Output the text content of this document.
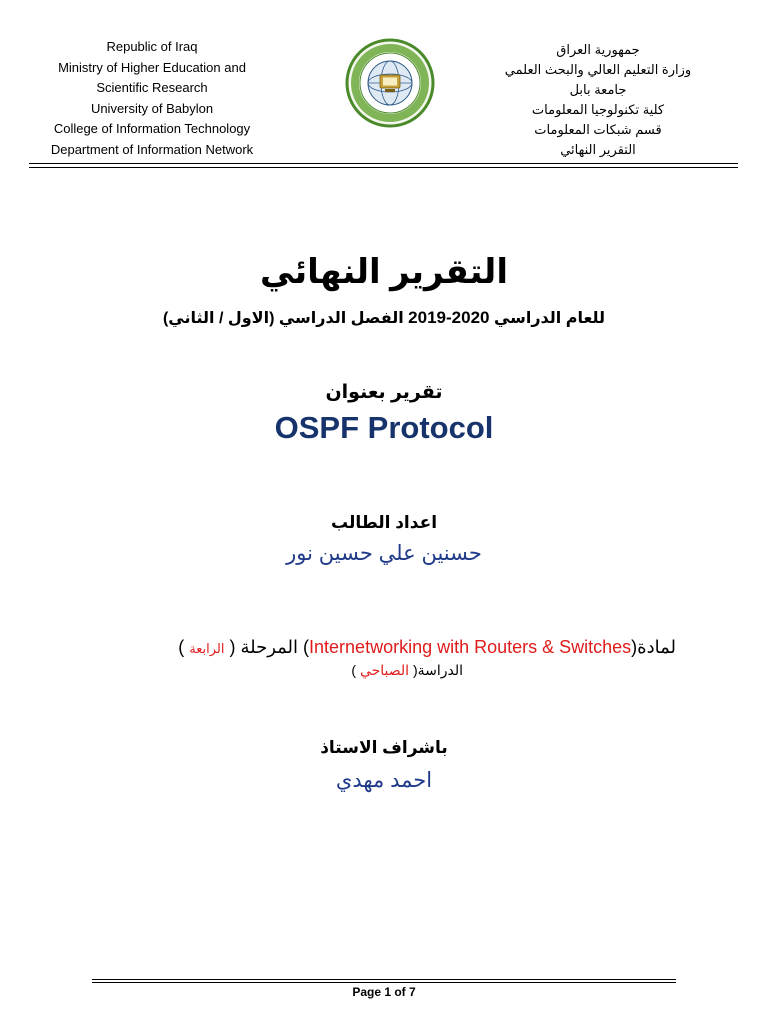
Republic of Iraq
Ministry of Higher Education and
Scientific Research
University of Babylon
College of Information Technology
Department of Information Network
جمهورية العراق
وزارة التعليم العالي والبحث العلمي
جامعة بابل
كلية تكنولوجيا المعلومات
قسم شبكات المعلومات
التقرير النهائي
التقرير النهائي
للعام الدراسي 2020-2019 الفصل الدراسي (الاول / الثاني)
تقرير بعنوان
OSPF Protocol
اعداد الطالب
حسنين علي حسين نور
لمادة(Internetworking with Routers & Switches) المرحلة ( الرابعة )
الدراسة( الصباحي )
باشراف الاستاذ
احمد مهدي
Page 1 of 7
